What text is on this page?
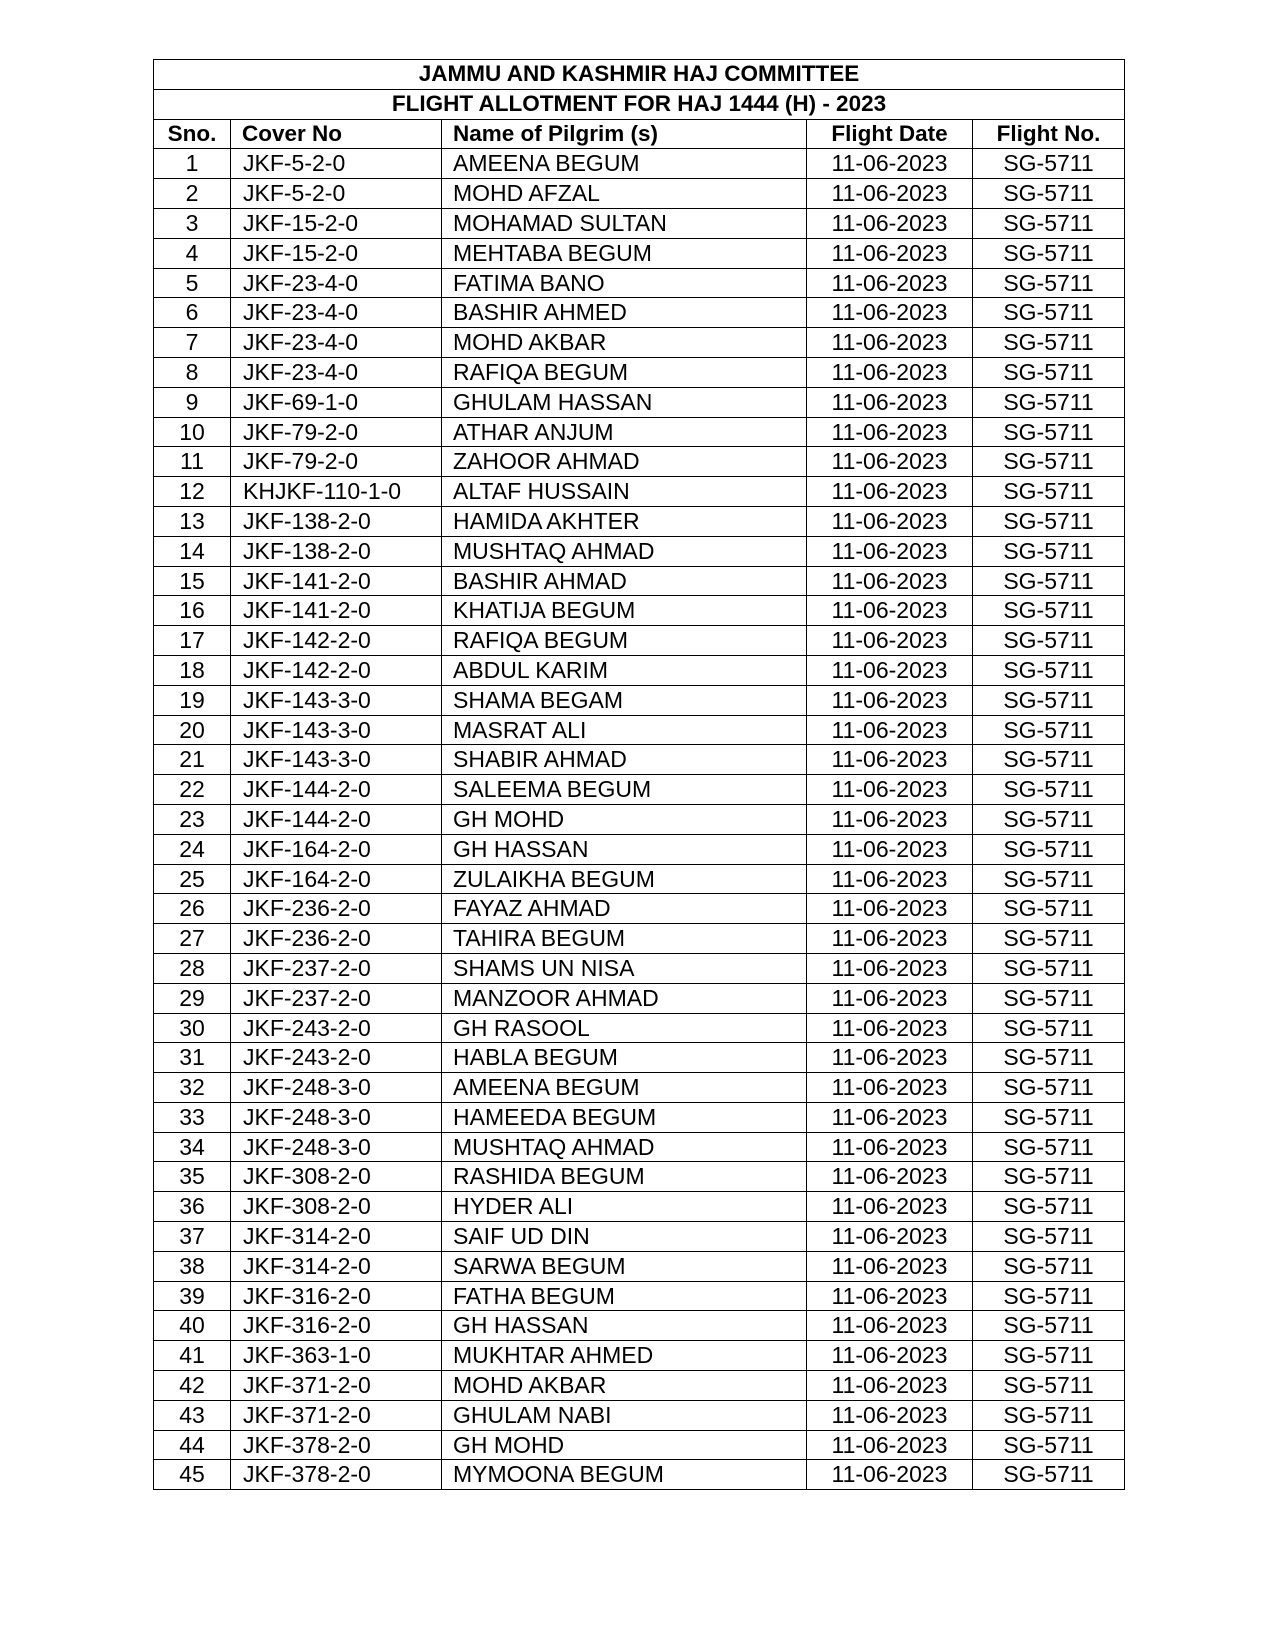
JAMMU AND KASHMIR HAJ COMMITTEE				
FLIGHT ALLOTMENT FOR HAJ 1444 (H) - 2023				
Sno.	Cover No	Name of Pilgrim (s)	Flight Date	Flight No.
1	JKF-5-2-0	AMEENA BEGUM	11-06-2023	SG-5711
2	JKF-5-2-0	MOHD AFZAL	11-06-2023	SG-5711
3	JKF-15-2-0	MOHAMAD SULTAN	11-06-2023	SG-5711
4	JKF-15-2-0	MEHTABA BEGUM	11-06-2023	SG-5711
5	JKF-23-4-0	FATIMA BANO	11-06-2023	SG-5711
6	JKF-23-4-0	BASHIR AHMED	11-06-2023	SG-5711
7	JKF-23-4-0	MOHD AKBAR	11-06-2023	SG-5711
8	JKF-23-4-0	RAFIQA BEGUM	11-06-2023	SG-5711
9	JKF-69-1-0	GHULAM HASSAN	11-06-2023	SG-5711
10	JKF-79-2-0	ATHAR ANJUM	11-06-2023	SG-5711
11	JKF-79-2-0	ZAHOOR AHMAD	11-06-2023	SG-5711
12	KHJKF-110-1-0	ALTAF HUSSAIN	11-06-2023	SG-5711
13	JKF-138-2-0	HAMIDA AKHTER	11-06-2023	SG-5711
14	JKF-138-2-0	MUSHTAQ AHMAD	11-06-2023	SG-5711
15	JKF-141-2-0	BASHIR AHMAD	11-06-2023	SG-5711
16	JKF-141-2-0	KHATIJA BEGUM	11-06-2023	SG-5711
17	JKF-142-2-0	RAFIQA BEGUM	11-06-2023	SG-5711
18	JKF-142-2-0	ABDUL KARIM	11-06-2023	SG-5711
19	JKF-143-3-0	SHAMA BEGAM	11-06-2023	SG-5711
20	JKF-143-3-0	MASRAT ALI	11-06-2023	SG-5711
21	JKF-143-3-0	SHABIR AHMAD	11-06-2023	SG-5711
22	JKF-144-2-0	SALEEMA BEGUM	11-06-2023	SG-5711
23	JKF-144-2-0	GH MOHD	11-06-2023	SG-5711
24	JKF-164-2-0	GH HASSAN	11-06-2023	SG-5711
25	JKF-164-2-0	ZULAIKHA BEGUM	11-06-2023	SG-5711
26	JKF-236-2-0	FAYAZ AHMAD	11-06-2023	SG-5711
27	JKF-236-2-0	TAHIRA BEGUM	11-06-2023	SG-5711
28	JKF-237-2-0	SHAMS UN NISA	11-06-2023	SG-5711
29	JKF-237-2-0	MANZOOR AHMAD	11-06-2023	SG-5711
30	JKF-243-2-0	GH RASOOL	11-06-2023	SG-5711
31	JKF-243-2-0	HABLA BEGUM	11-06-2023	SG-5711
32	JKF-248-3-0	AMEENA BEGUM	11-06-2023	SG-5711
33	JKF-248-3-0	HAMEEDA BEGUM	11-06-2023	SG-5711
34	JKF-248-3-0	MUSHTAQ AHMAD	11-06-2023	SG-5711
35	JKF-308-2-0	RASHIDA BEGUM	11-06-2023	SG-5711
36	JKF-308-2-0	HYDER ALI	11-06-2023	SG-5711
37	JKF-314-2-0	SAIF UD DIN	11-06-2023	SG-5711
38	JKF-314-2-0	SARWA BEGUM	11-06-2023	SG-5711
39	JKF-316-2-0	FATHA BEGUM	11-06-2023	SG-5711
40	JKF-316-2-0	GH HASSAN	11-06-2023	SG-5711
41	JKF-363-1-0	MUKHTAR AHMED	11-06-2023	SG-5711
42	JKF-371-2-0	MOHD AKBAR	11-06-2023	SG-5711
43	JKF-371-2-0	GHULAM NABI	11-06-2023	SG-5711
44	JKF-378-2-0	GH MOHD	11-06-2023	SG-5711
45	JKF-378-2-0	MYMOONA BEGUM	11-06-2023	SG-5711
